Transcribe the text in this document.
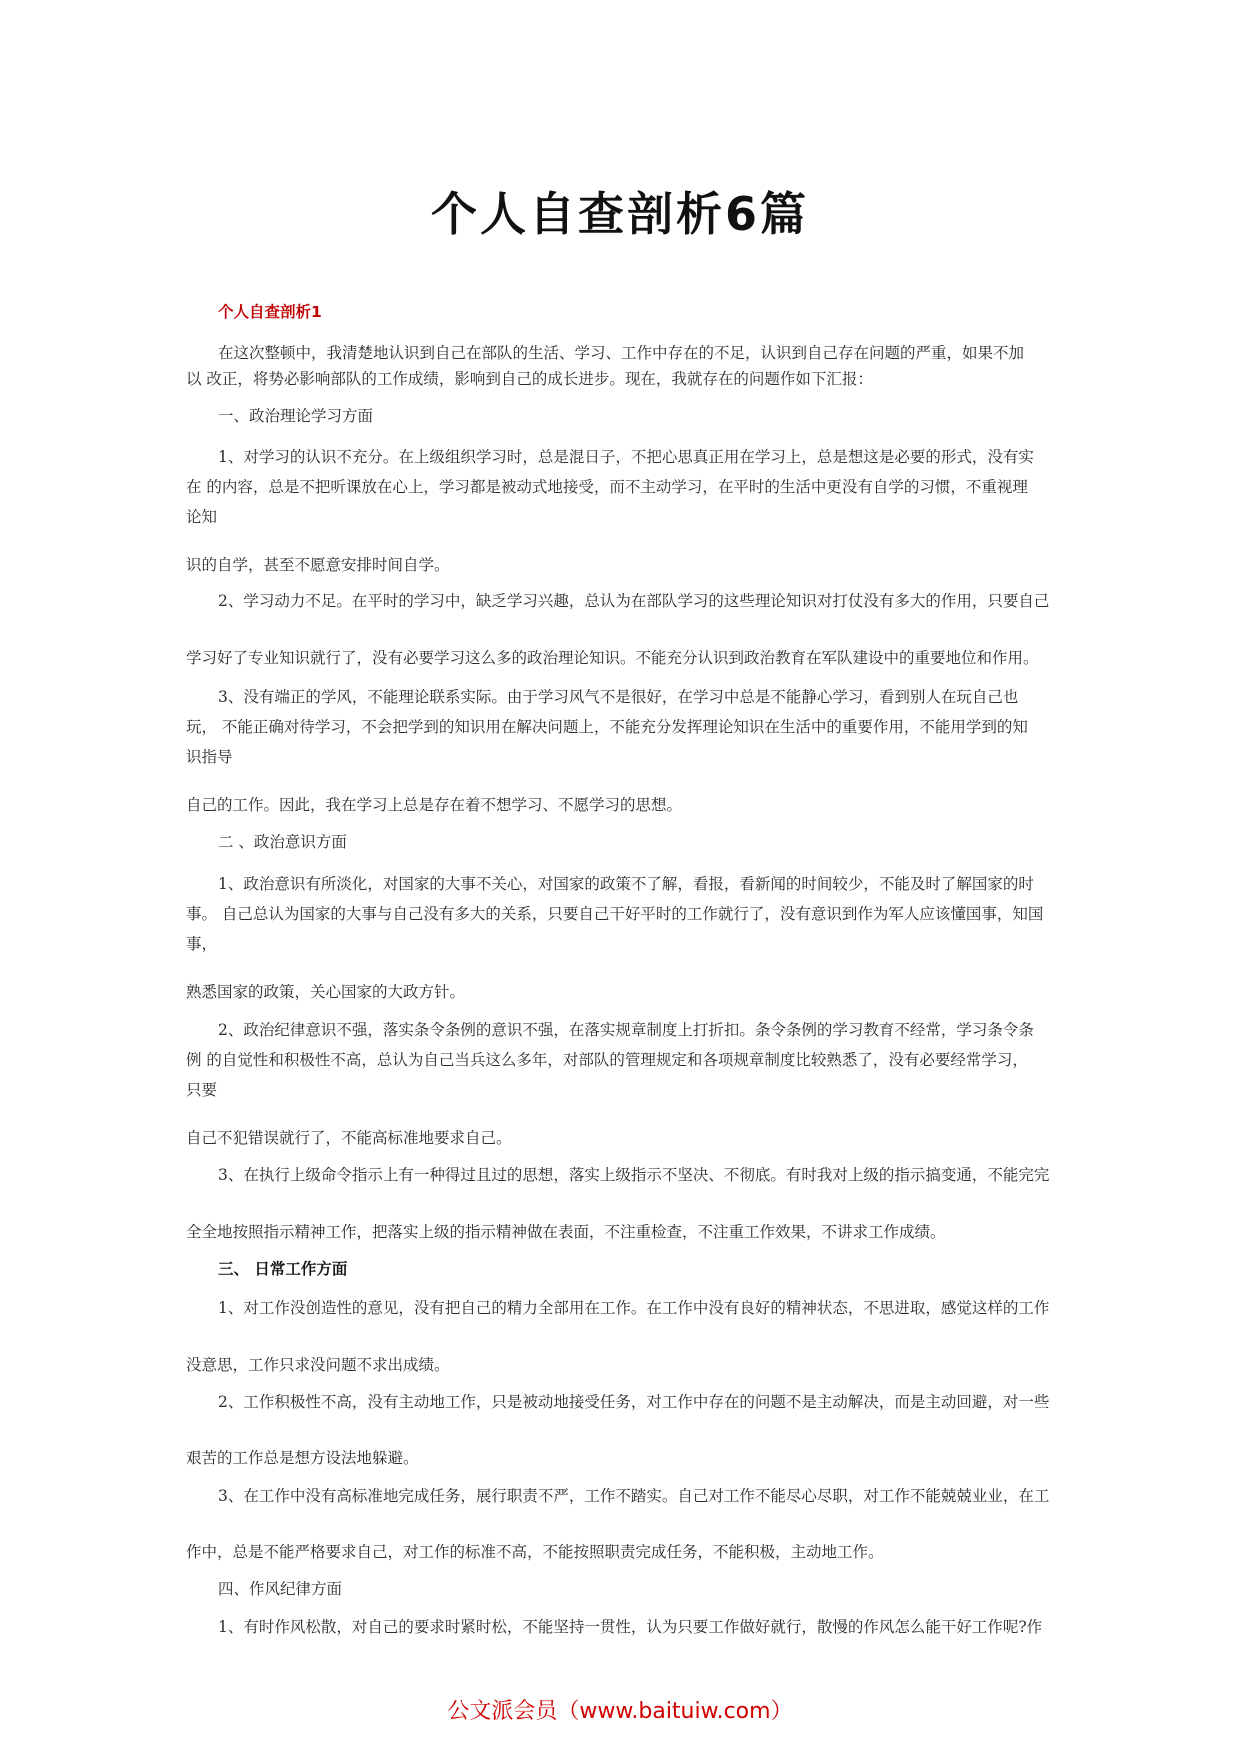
个人自查剖析6篇
个人自查剖析1
在这次整顿中，我清楚地认识到自己在部队的生活、学习、工作中存在的不足，认识到自己存在问题的严重，如果不加
以 改正，将势必影响部队的工作成绩，影响到自己的成长进步。现在，我就存在的问题作如下汇报：
一、政治理论学习方面
1、对学习的认识不充分。在上级组织学习时，总是混日子，不把心思真正用在学习上，总是想这是必要的形式，没有实
在 的内容，总是不把听课放在心上，学习都是被动式地接受，而不主动学习，在平时的生活中更没有自学的习惯，不重视理
论知
识的自学，甚至不愿意安排时间自学。
2、学习动力不足。在平时的学习中，缺乏学习兴趣，总认为在部队学习的这些理论知识对打仗没有多大的作用，只要自己
学习好了专业知识就行了，没有必要学习这么多的政治理论知识。不能充分认识到政治教育在军队建设中的重要地位和作用。
3、没有端正的学风，不能理论联系实际。由于学习风气不是很好，在学习中总是不能静心学习，看到别人在玩自己也
玩， 不能正确对待学习，不会把学到的知识用在解决问题上，不能充分发挥理论知识在生活中的重要作用，不能用学到的知
识指导
自己的工作。因此，我在学习上总是存在着不想学习、不愿学习的思想。
二 、政治意识方面
1、政治意识有所淡化，对国家的大事不关心，对国家的政策不了解，看报，看新闻的时间较少，不能及时了解国家的时
事。 自己总认为国家的大事与自己没有多大的关系，只要自己干好平时的工作就行了，没有意识到作为军人应该懂国事，知国
事，
熟悉国家的政策，关心国家的大政方针。
2、政治纪律意识不强，落实条令条例的意识不强，在落实规章制度上打折扣。条令条例的学习教育不经常，学习条令条
例 的自觉性和积极性不高，总认为自己当兵这么多年，对部队的管理规定和各项规章制度比较熟悉了，没有必要经常学习，
只要
自己不犯错误就行了，不能高标准地要求自己。
3、在执行上级命令指示上有一种得过且过的思想，落实上级指示不坚决、不彻底。有时我对上级的指示搞变通，不能完完
全全地按照指示精神工作，把落实上级的指示精神做在表面，不注重检查，不注重工作效果，不讲求工作成绩。
三、 日常工作方面
1、对工作没创造性的意见，没有把自己的精力全部用在工作。在工作中没有良好的精神状态，不思进取，感觉这样的工作
没意思，工作只求没问题不求出成绩。
2、工作积极性不高，没有主动地工作，只是被动地接受任务，对工作中存在的问题不是主动解决，而是主动回避，对一些
艰苦的工作总是想方设法地躲避。
3、在工作中没有高标准地完成任务，展行职责不严，工作不踏实。自己对工作不能尽心尽职，对工作不能兢兢业业，在工
作中，总是不能严格要求自己，对工作的标准不高，不能按照职责完成任务，不能积极，主动地工作。
四、作风纪律方面
1、有时作风松散，对自己的要求时紧时松，不能坚持一贯性，认为只要工作做好就行，散慢的作风怎么能干好工作呢?作
公文派会员（www.baituiw.com）
